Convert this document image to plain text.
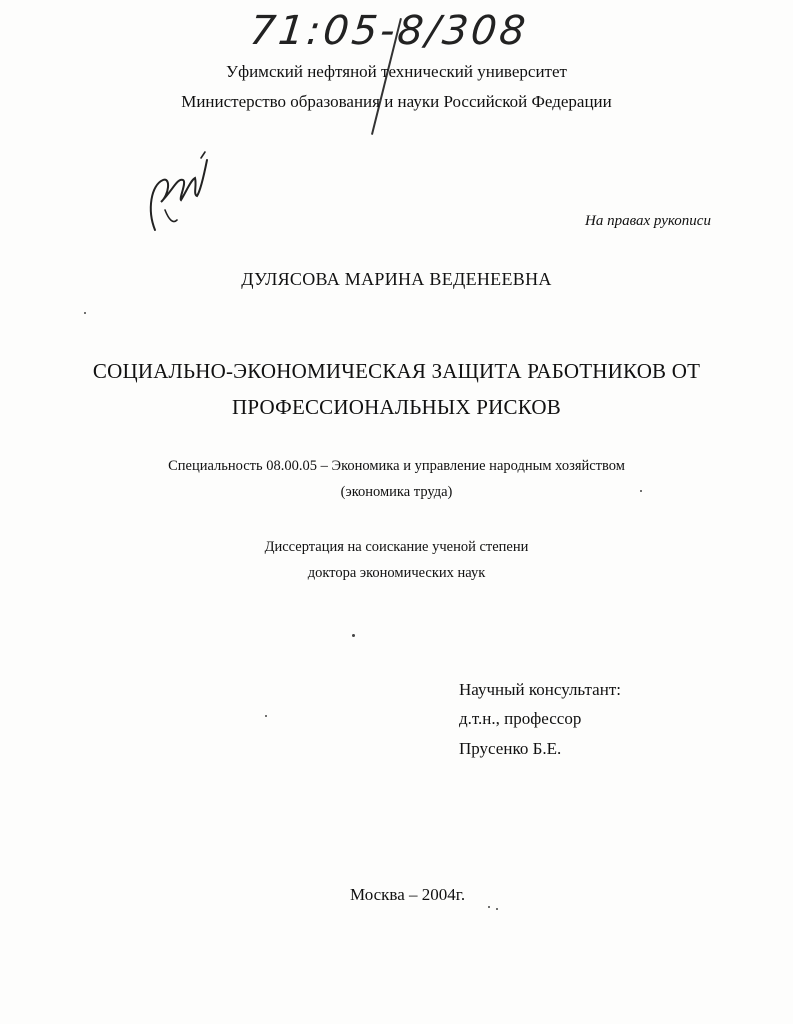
71:05-8/308
Уфимский нефтяной технический университет
Министерство образования и науки Российской Федерации
На правах рукописи
ДУЛЯСОВА МАРИНА ВЕДЕНЕЕВНА
СОЦИАЛЬНО-ЭКОНОМИЧЕСКАЯ ЗАЩИТА РАБОТНИКОВ ОТ
ПРОФЕССИОНАЛЬНЫХ РИСКОВ
Специальность 08.00.05 – Экономика и управление народным хозяйством
(экономика труда)
Диссертация на соискание ученой степени
доктора экономических наук
Научный консультант:
д.т.н., профессор
Прусенко Б.Е.
Москва – 2004г.
